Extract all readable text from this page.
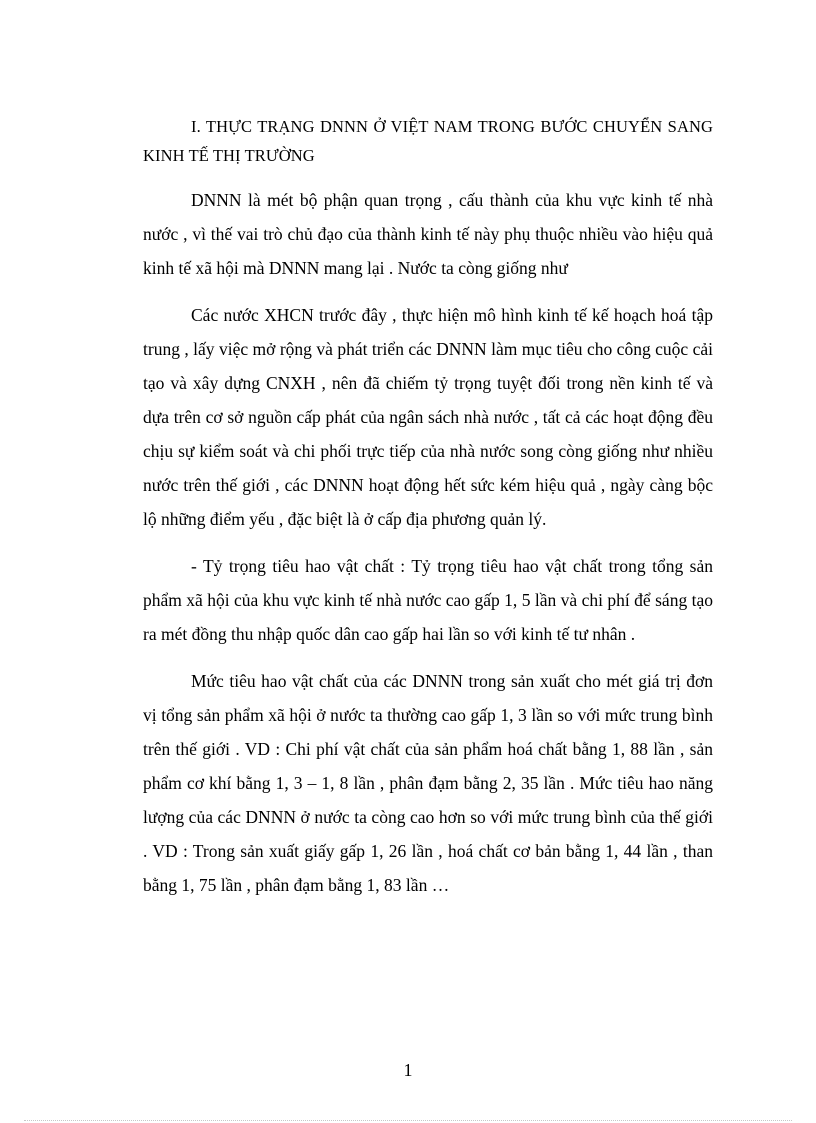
I. THỰC TRẠNG DNNN Ở VIỆT NAM TRONG BƯỚC CHUYỂN SANG KINH TẾ THỊ TRƯỜNG

DNNN là mét bộ phận quan trọng , cấu thành của khu vực kinh tế nhà nước , vì thế vai trò chủ đạo của thành kinh tế này phụ thuộc nhiều vào hiệu quả kinh tế xã hội mà DNNN mang lại . Nước ta còng giống như

Các nước XHCN trước đây , thực hiện mô hình kinh tế kế hoạch hoá tập trung , lấy việc mở rộng và phát triển các DNNN làm mục tiêu cho công cuộc cải tạo và xây dựng CNXH , nên đã chiếm tỷ trọng tuyệt đối trong nền kinh tế và dựa trên cơ sở nguồn cấp phát của ngân sách nhà nước , tất cả các hoạt động đều chịu sự kiểm soát và chi phối trực tiếp của nhà nước song còng giống như nhiều nước trên thế giới , các DNNN hoạt động hết sức kém hiệu quả , ngày càng bộc lộ những điểm yếu , đặc biệt là ở cấp địa phương quản lý.

- Tỷ trọng tiêu hao vật chất : Tỷ trọng tiêu hao vật chất trong tổng sản phẩm xã hội của khu vực kinh tế nhà nước cao gấp 1, 5 lần và chi phí để sáng tạo ra mét đồng thu nhập quốc dân cao gấp hai lần so với kinh tế tư nhân .

Mức tiêu hao vật chất của các DNNN trong sản xuất cho mét giá trị đơn vị tổng sản phẩm xã hội ở nước ta thường cao gấp 1, 3 lần so với mức trung bình trên thế giới . VD : Chi phí vật chất của sản phẩm hoá chất bằng 1, 88 lần , sản phẩm cơ khí bằng 1, 3 – 1, 8 lần , phân đạm bằng 2, 35 lần . Mức tiêu hao năng lượng của các DNNN ở nước ta còng cao hơn so với mức trung bình của thế giới . VD : Trong sản xuất giấy gấp 1, 26 lần , hoá chất cơ bản bằng 1, 44 lần , than bằng 1, 75 lần , phân đạm bằng 1, 83 lần …

1
